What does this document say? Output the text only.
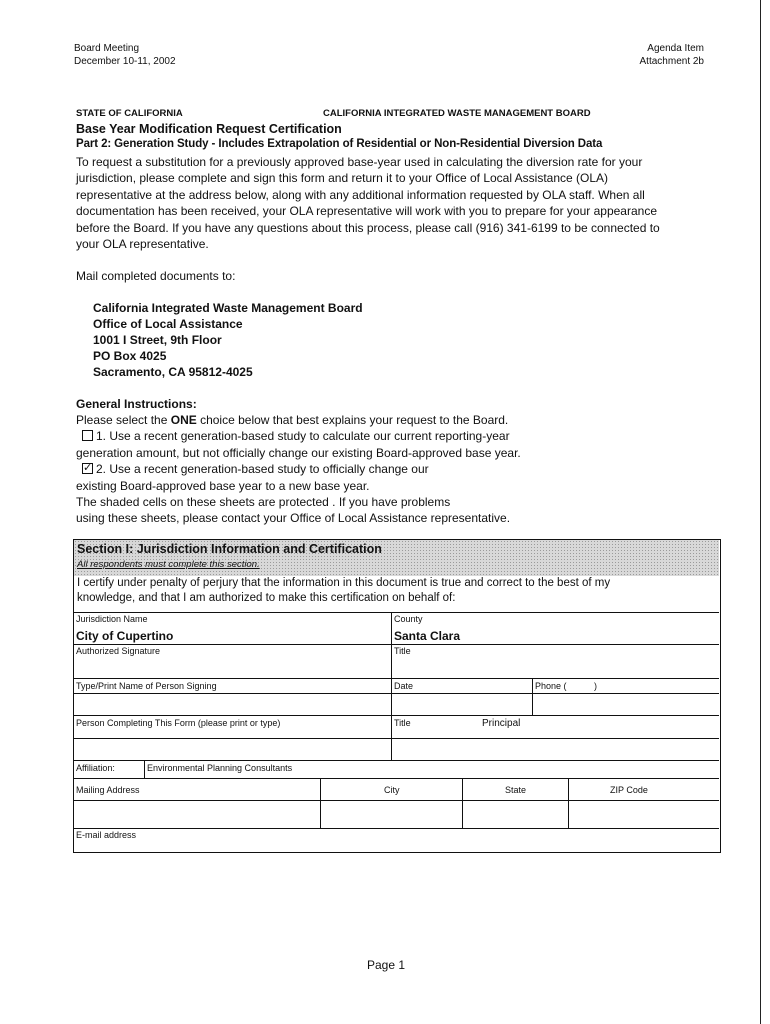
Board Meeting
December 10-11, 2002
Agenda Item
Attachment 2b
STATE OF CALIFORNIA	CALIFORNIA INTEGRATED WASTE MANAGEMENT BOARD
Base Year Modification Request Certification
Part 2: Generation Study - Includes Extrapolation of Residential or Non-Residential Diversion Data
To request a substitution for a previously approved base-year used in calculating the diversion rate for your
jurisdiction, please complete and sign this form and return it to your Office of Local Assistance (OLA)
representative at the address below, along with any additional information requested by OLA staff. When all
documentation has been received, your OLA representative will work with you to prepare for your appearance
before the Board. If you have any questions about this process, please call (916) 341-6199 to be connected to
your OLA representative.
Mail completed documents to:
California Integrated Waste Management Board
Office of Local Assistance
1001 I Street, 9th Floor
PO Box 4025
Sacramento, CA 95812-4025
General Instructions:
Please select the ONE choice below that best explains your request to the Board.
1. Use a recent generation-based study to calculate our current reporting-year
generation amount, but not officially change our existing Board-approved base year.
✓2. Use a recent generation-based study to officially change our
existing Board-approved base year to a new base year.
The shaded cells on these sheets are protected . If you have problems
using these sheets, please contact your Office of Local Assistance representative.
Section I: Jurisdiction Information and Certification
All respondents must complete this section.
I certify under penalty of perjury that the information in this document is true and correct to the best of my
knowledge, and that I am authorized to make this certification on behalf of:
Jurisdiction Name
City of Cupertino
County
Santa Clara
Authorized Signature	Title
Type/Print Name of Person Signing	Date	Phone (	)
Person Completing This Form (please print or type)	Title	Principal
Affiliation:	Environmental Planning Consultants
Mailing Address	City	State	ZIP Code
E-mail address
Page 1
